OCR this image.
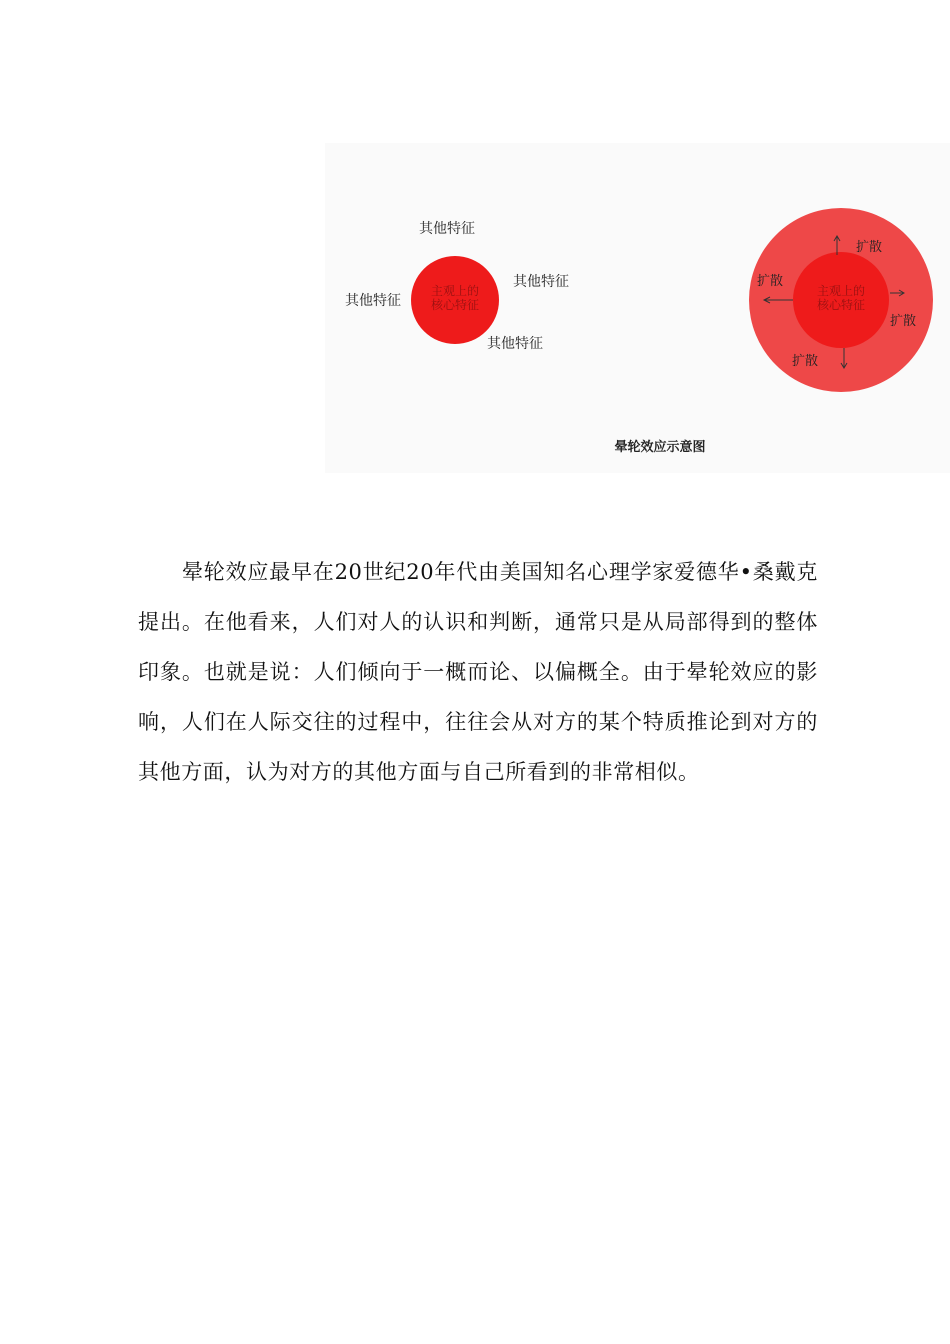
主观上的
核心特征
其他特征
其他特征
其他特征
其他特征
主观上的
核心特征
扩散
扩散
扩散
扩散
晕轮效应示意图

晕轮效应最早在20世纪20年代由美国知名心理学家爱德华•桑戴克提出。在他看来，人们对人的认识和判断，通常只是从局部得到的整体印象。也就是说：人们倾向于一概而论、以偏概全。由于晕轮效应的影响，人们在人际交往的过程中，往往会从对方的某个特质推论到对方的其他方面，认为对方的其他方面与自己所看到的非常相似。
